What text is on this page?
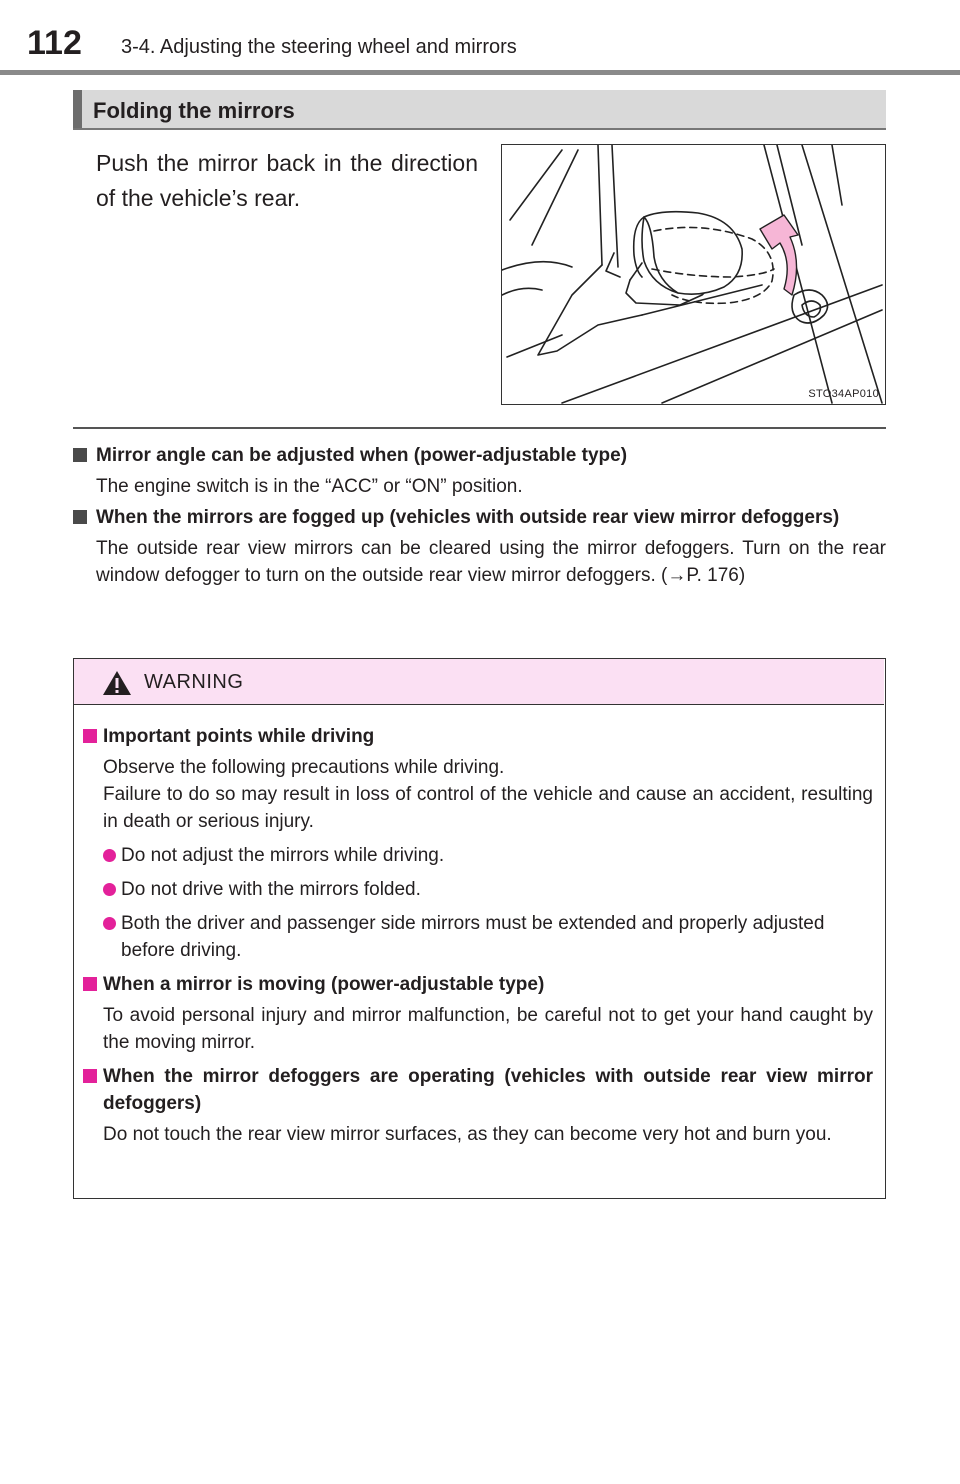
112 3-4. Adjusting the steering wheel and mirrors
Folding the mirrors
Push the mirror back in the direction of the vehicle’s rear.
STO34AP010
Mirror angle can be adjusted when (power-adjustable type)
The engine switch is in the “ACC” or “ON” position.
When the mirrors are fogged up (vehicles with outside rear view mirror defoggers)
The outside rear view mirrors can be cleared using the mirror defoggers. Turn on the rear window defogger to turn on the outside rear view mirror defoggers. (→P. 176)
WARNING
Important points while driving
Observe the following precautions while driving.
Failure to do so may result in loss of control of the vehicle and cause an accident, resulting in death or serious injury.
Do not adjust the mirrors while driving.
Do not drive with the mirrors folded.
Both the driver and passenger side mirrors must be extended and properly adjusted before driving.
When a mirror is moving (power-adjustable type)
To avoid personal injury and mirror malfunction, be careful not to get your hand caught by the moving mirror.
When the mirror defoggers are operating (vehicles with outside rear view mirror defoggers)
Do not touch the rear view mirror surfaces, as they can become very hot and burn you.
